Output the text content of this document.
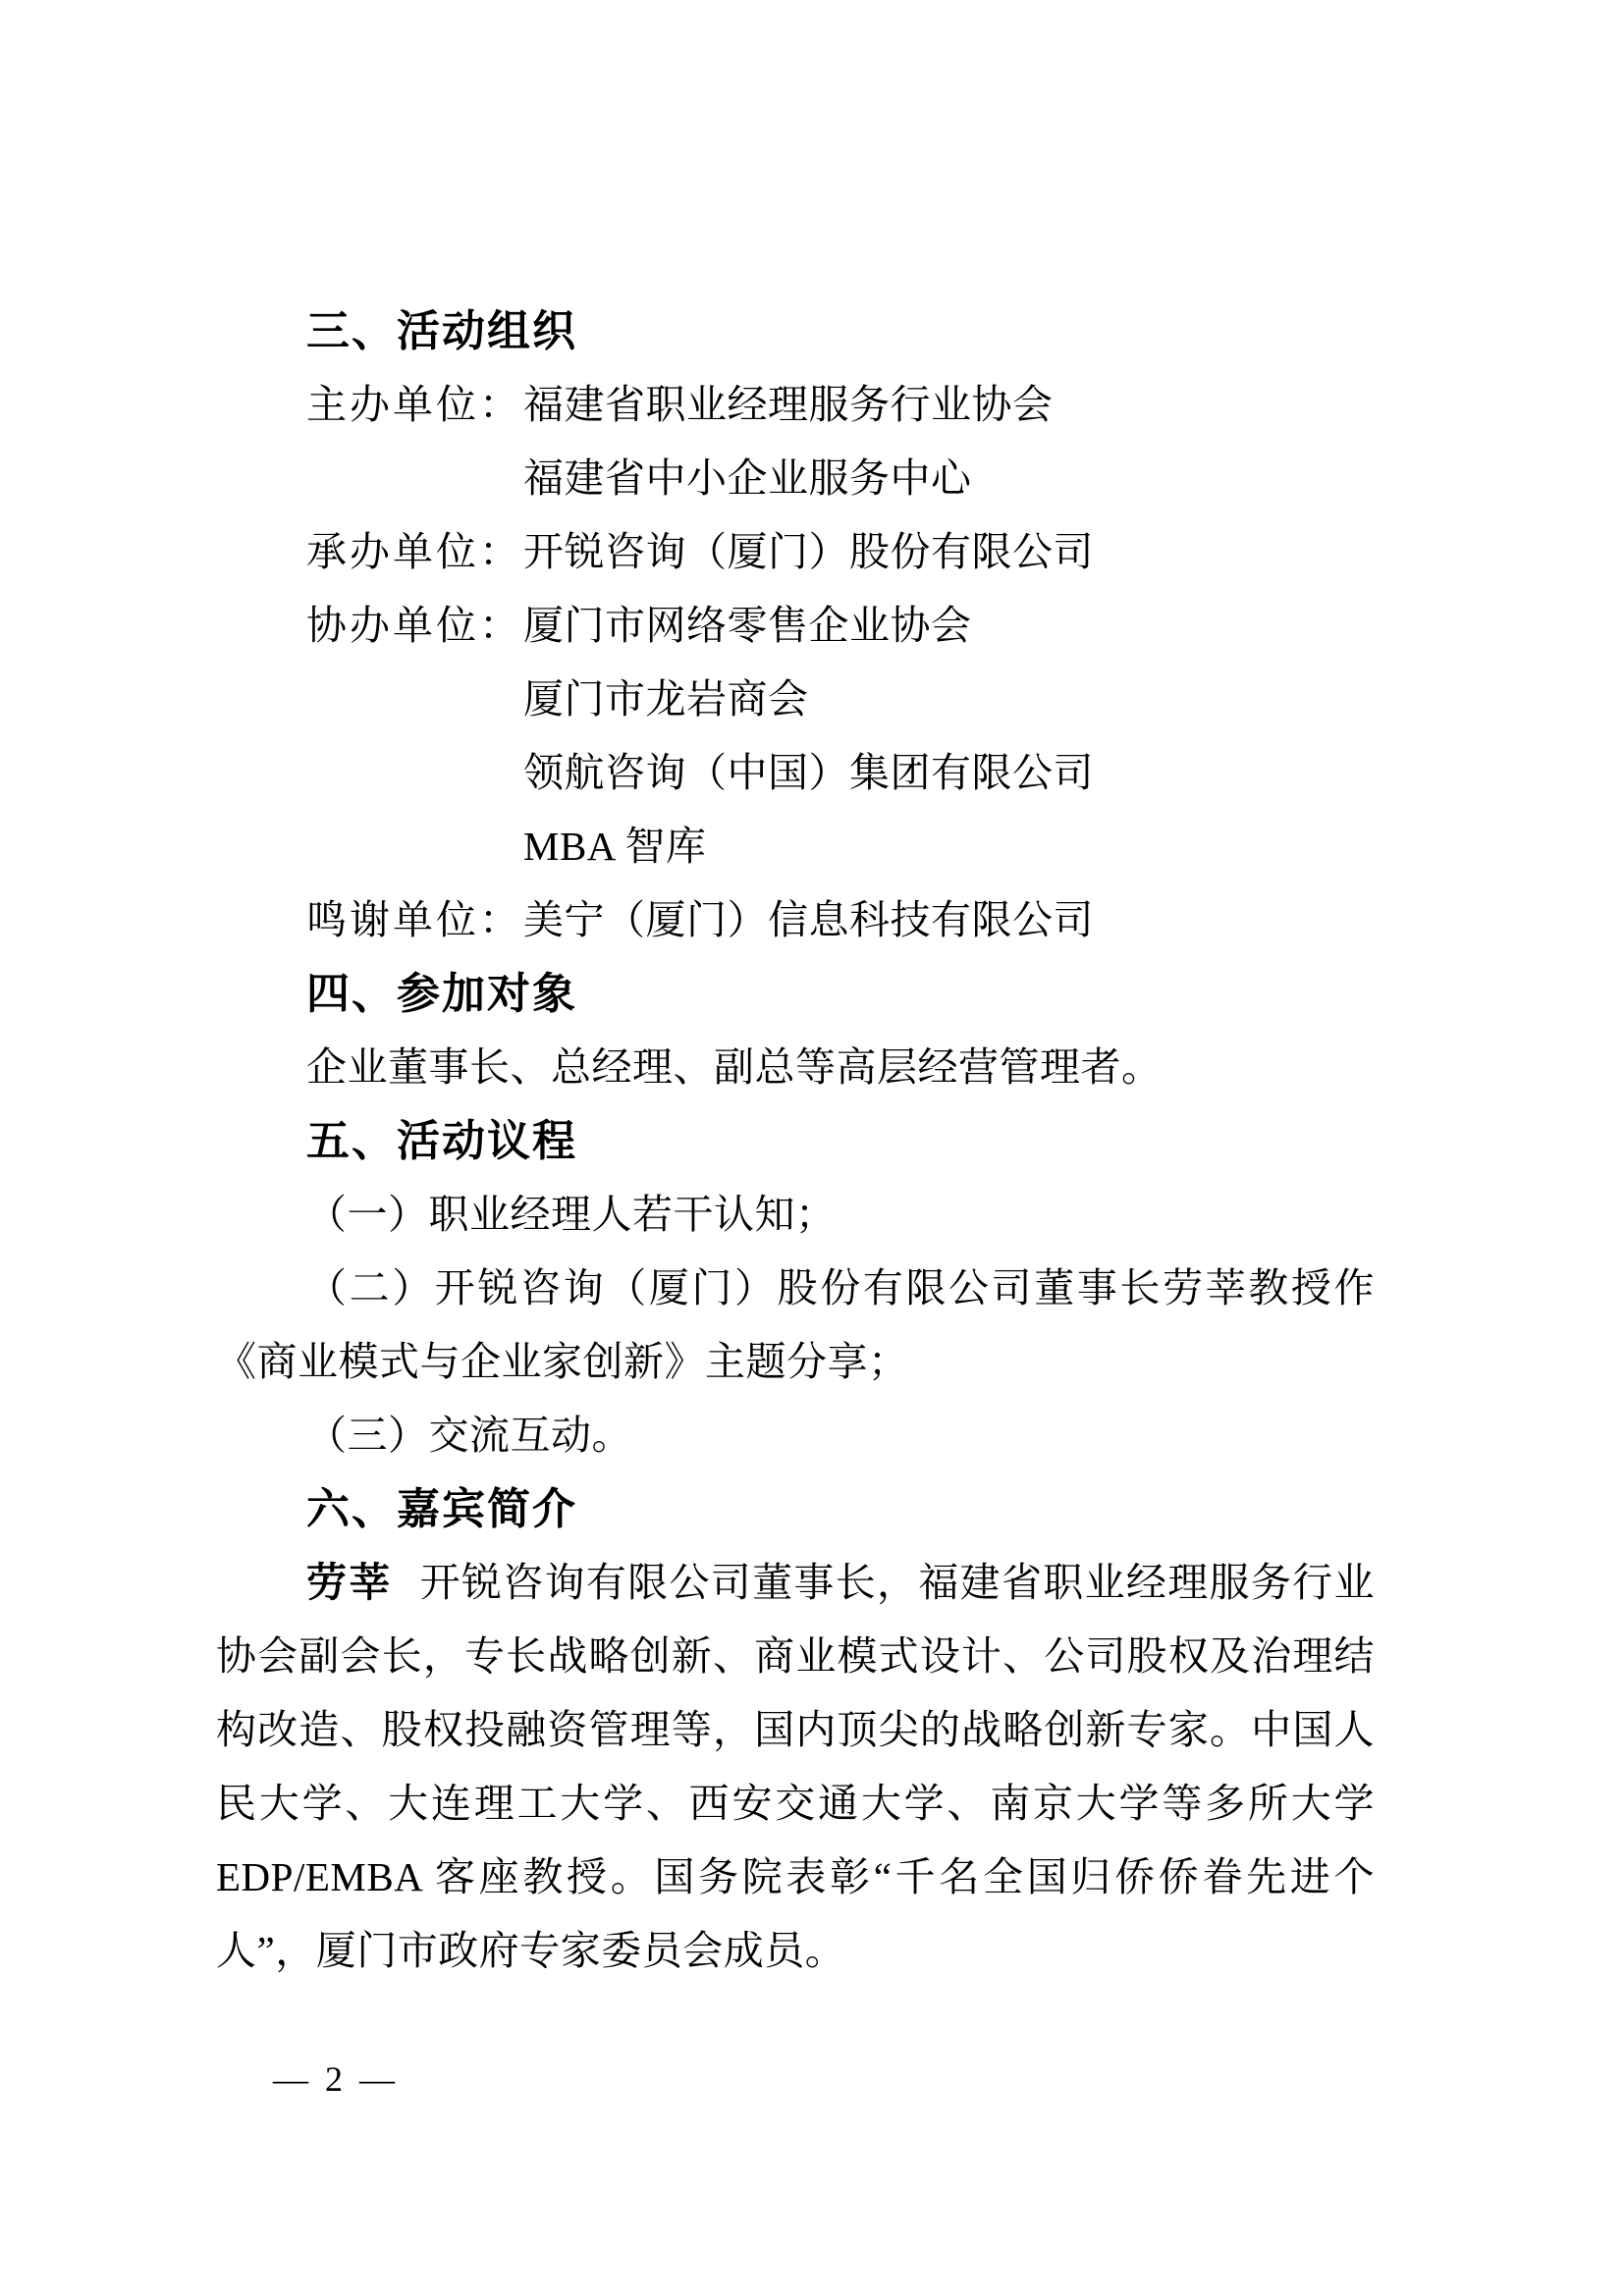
三、活动组织
主办单位：福建省职业经理服务行业协会
福建省中小企业服务中心
承办单位：开锐咨询（厦门）股份有限公司
协办单位：厦门市网络零售企业协会
厦门市龙岩商会
领航咨询（中国）集团有限公司
MBA 智库
鸣谢单位：美宁（厦门）信息科技有限公司
四、参加对象

企业董事长、总经理、副总等高层经营管理者。

五、活动议程

（一）职业经理人若干认知；

（二）开锐咨询（厦门）股份有限公司董事长劳莘教授作《商业模式与企业家创新》主题分享；

（三）交流互动。

六、嘉宾简介

劳莘 开锐咨询有限公司董事长，福建省职业经理服务行业协会副会长，专长战略创新、商业模式设计、公司股权及治理结构改造、股权投融资管理等，国内顶尖的战略创新专家。中国人民大学、大连理工大学、西安交通大学、南京大学等多所大学EDP/EMBA 客座教授。国务院表彰“千名全国归侨侨眷先进个人”，厦门市政府专家委员会成员。

— 2 —
